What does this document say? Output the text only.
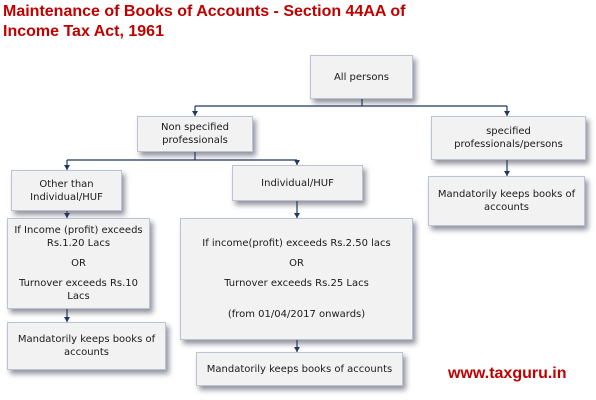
Maintenance of Books of Accounts - Section 44AA of Income Tax Act, 1961
All persons
Non specified professionals
specified professionals/persons
Mandatorily keeps books of accounts
Other than Individual/HUF
Individual/HUF
If Income (profit) exceeds Rs.1.20 Lacs
OR
Turnover exceeds Rs.10 Lacs
If income(profit) exceeds Rs.2.50 lacs
OR
Turnover exceeds Rs.25 Lacs
(from 01/04/2017 onwards)
Mandatorily keeps books of accounts
Mandatorily keeps books of accounts	www.taxguru.in
